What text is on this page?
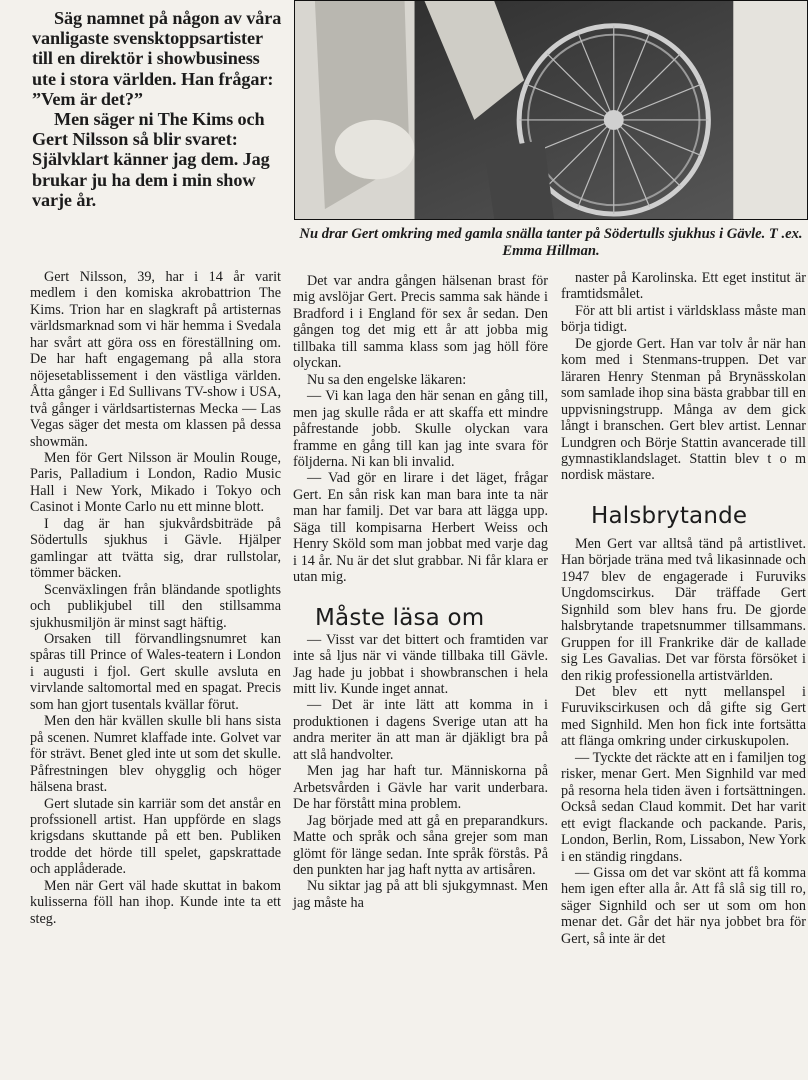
Säg namnet på någon av våra vanligaste svensktoppsartister till en direktör i showbusiness ute i stora världen. Han frågar: ”Vem är det?”

Men säger ni The Kims och Gert Nilsson så blir svaret: Självklart känner jag dem. Jag brukar ju ha dem i min show varje år.

Nu drar Gert omkring med gamla snälla tanter på Södertulls sjukhus i Gävle. T .ex. Emma Hillman.

Gert Nilsson, 39, har i 14 år varit medlem i den komiska akrobattrion The Kims. Trion har en slagkraft på artisternas världsmarknad som vi här hemma i Svedala har svårt att göra oss en föreställning om. De har haft engagemang på alla stora nöjesetablissement i den västliga världen. Åtta gånger i Ed Sullivans TV-show i USA, två gånger i världsartisternas Mecka — Las Vegas säger det mesta om klassen på dessa showmän.

Men för Gert Nilsson är Moulin Rouge, Paris, Palladium i London, Radio Music Hall i New York, Mikado i Tokyo och Casinot i Monte Carlo nu ett minne blott.

I dag är han sjukvårdsbiträde på Södertulls sjukhus i Gävle. Hjälper gamlingar att tvätta sig, drar rullstolar, tömmer bäcken.

Scenväxlingen från bländande spotlights och publikjubel till den stillsamma sjukhusmiljön är minst sagt häftig.

Orsaken till förvandlingsnumret kan spåras till Prince of Wales-teatern i London i augusti i fjol. Gert skulle avsluta en virvlande saltomortal med en spagat. Precis som han gjort tusentals kvällar förut.

Men den här kvällen skulle bli hans sista på scenen. Numret klaffade inte. Golvet var för strävt. Benet gled inte ut som det skulle. Påfrestningen blev ohygglig och höger hälsena brast.

Gert slutade sin karriär som det anstår en profssionell artist. Han uppförde en slags krigsdans skuttande på ett ben. Publiken trodde det hörde till spelet, gapskrattade och applåderade.

Men när Gert väl hade skuttat in bakom kulisserna föll han ihop. Kunde inte ta ett steg.

Det var andra gången hälsenan brast för mig avslöjar Gert. Precis samma sak hände i Bradford i i England för sex år sedan. Den gången tog det mig ett år att jobba mig tillbaka till samma klass som jag höll före olyckan.

Nu sa den engelske läkaren:

— Vi kan laga den här senan en gång till, men jag skulle råda er att skaffa ett mindre påfrestande jobb. Skulle olyckan vara framme en gång till kan jag inte svara för följderna. Ni kan bli invalid.

— Vad gör en lirare i det läget, frågar Gert. En sån risk kan man bara inte ta när man har familj. Det var bara att lägga upp. Säga till kompisarna Herbert Weiss och Henry Sköld som man jobbat med varje dag i 14 år. Nu är det slut grabbar. Ni får klara er utan mig.

Måste läsa om

— Visst var det bittert och framtiden var inte så ljus när vi vände tillbaka till Gävle. Jag hade ju jobbat i showbranschen i hela mitt liv. Kunde inget annat.

— Det är inte lätt att komma in i produktionen i dagens Sverige utan att ha andra meriter än att man är djäkligt bra på att slå handvolter.

Men jag har haft tur. Människorna på Arbetsvården i Gävle har varit underbara. De har förstått mina problem.

Jag började med att gå en preparandkurs. Matte och språk och såna grejer som man glömt för länge sedan. Inte språk förstås. På den punkten har jag haft nytta av artisåren.

Nu siktar jag på att bli sjukgymnast. Men jag måste ha

naster på Karolinska. Ett eget institut är framtidsmålet.

För att bli artist i världsklass måste man börja tidigt.

De gjorde Gert. Han var tolv år när han kom med i Stenmans-truppen. Det var läraren Henry Stenman på Brynässkolan som samlade ihop sina bästa grabbar till en uppvisningstrupp. Många av dem gick långt i branschen. Gert blev artist. Lennar Lundgren och Börje Stattin avancerade till gymnastiklandslaget. Stattin blev t o m nordisk mästare.

Halsbrytande

Men Gert var alltså tänd på artistlivet. Han började träna med två likasinnade och 1947 blev de engagerade i Furuviks Ungdomscirkus. Där träffade Gert Signhild som blev hans fru. De gjorde halsbrytande trapetsnummer tillsammans. Gruppen for ill Frankrike där de kallade sig Les Gavalias. Det var första försöket i den rikig professionella artistvärlden.

Det blev ett nytt mellanspel i Furuvikscirkusen och då gifte sig Gert med Signhild. Men hon fick inte fortsätta att flänga omkring under cirkuskupolen.

— Tyckte det räckte att en i familjen tog risker, menar Gert. Men Signhild var med på resorna hela tiden även i fortsättningen. Också sedan Claud kommit. Det har varit ett evigt flackande och packande. Paris, London, Berlin, Rom, Lissabon, New York i en ständig ringdans.

— Gissa om det var skönt att få komma hem igen efter alla år. Att få slå sig till ro, säger Signhild och ser ut som om hon menar det. Går det här nya jobbet bra för Gert, så inte är det
